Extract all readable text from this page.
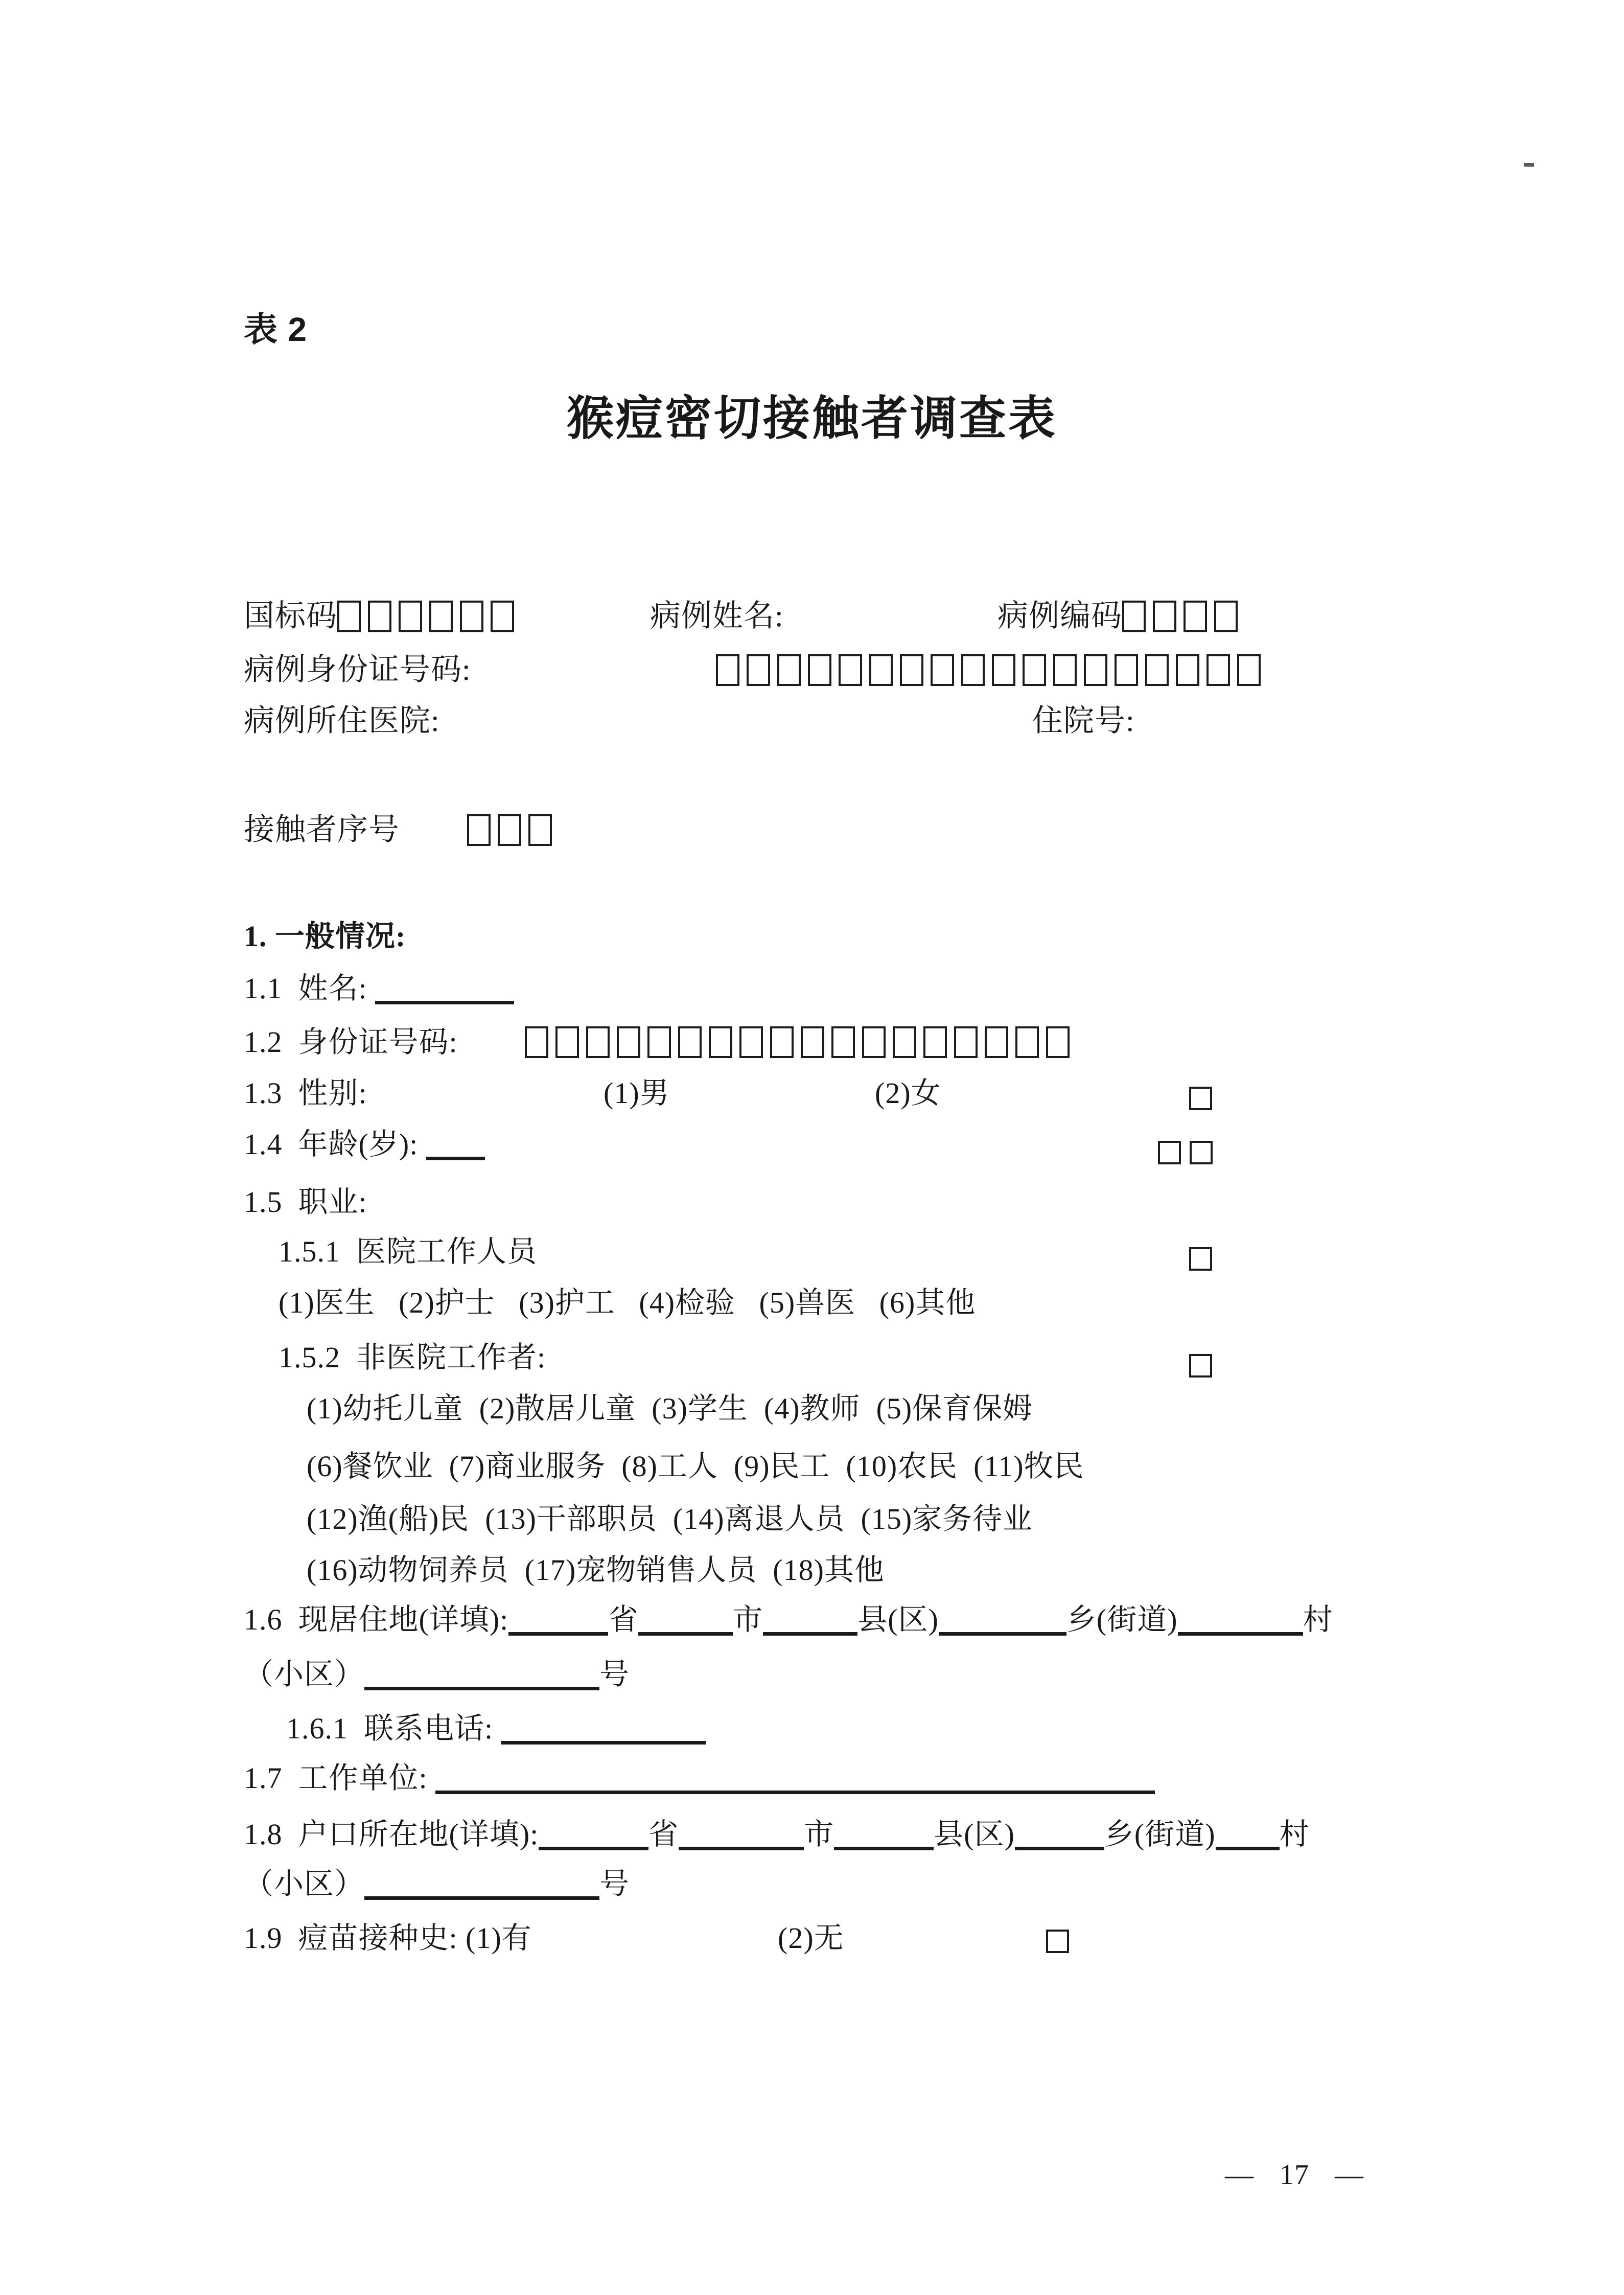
表 2
猴痘密切接触者调查表
国标码	病例姓名:	病例编码
病例身份证号码:
病例所住医院:	住院号:
接触者序号
1. 一般情况:
1.1  姓名:
1.2  身份证号码:
1.3  性别:	(1)男	(2)女
1.4  年龄(岁):
1.5  职业:
1.5.1  医院工作人员
(1)医生   (2)护士   (3)护工   (4)检验   (5)兽医   (6)其他
1.5.2  非医院工作者:
(1)幼托儿童  (2)散居儿童  (3)学生  (4)教师  (5)保育保姆
(6)餐饮业  (7)商业服务  (8)工人  (9)民工  (10)农民  (11)牧民
(12)渔(船)民  (13)干部职员  (14)离退人员  (15)家务待业
(16)动物饲养员  (17)宠物销售人员  (18)其他
1.6  现居住地(详填):	省	市	县(区)	乡(街道)	村
（小区）	号
1.6.1  联系电话:
1.7  工作单位:
1.8  户口所在地(详填):	省	市	县(区)	乡(街道) 村
（小区）	号
1.9  痘苗接种史: (1)有	(2)无
— 17 —
